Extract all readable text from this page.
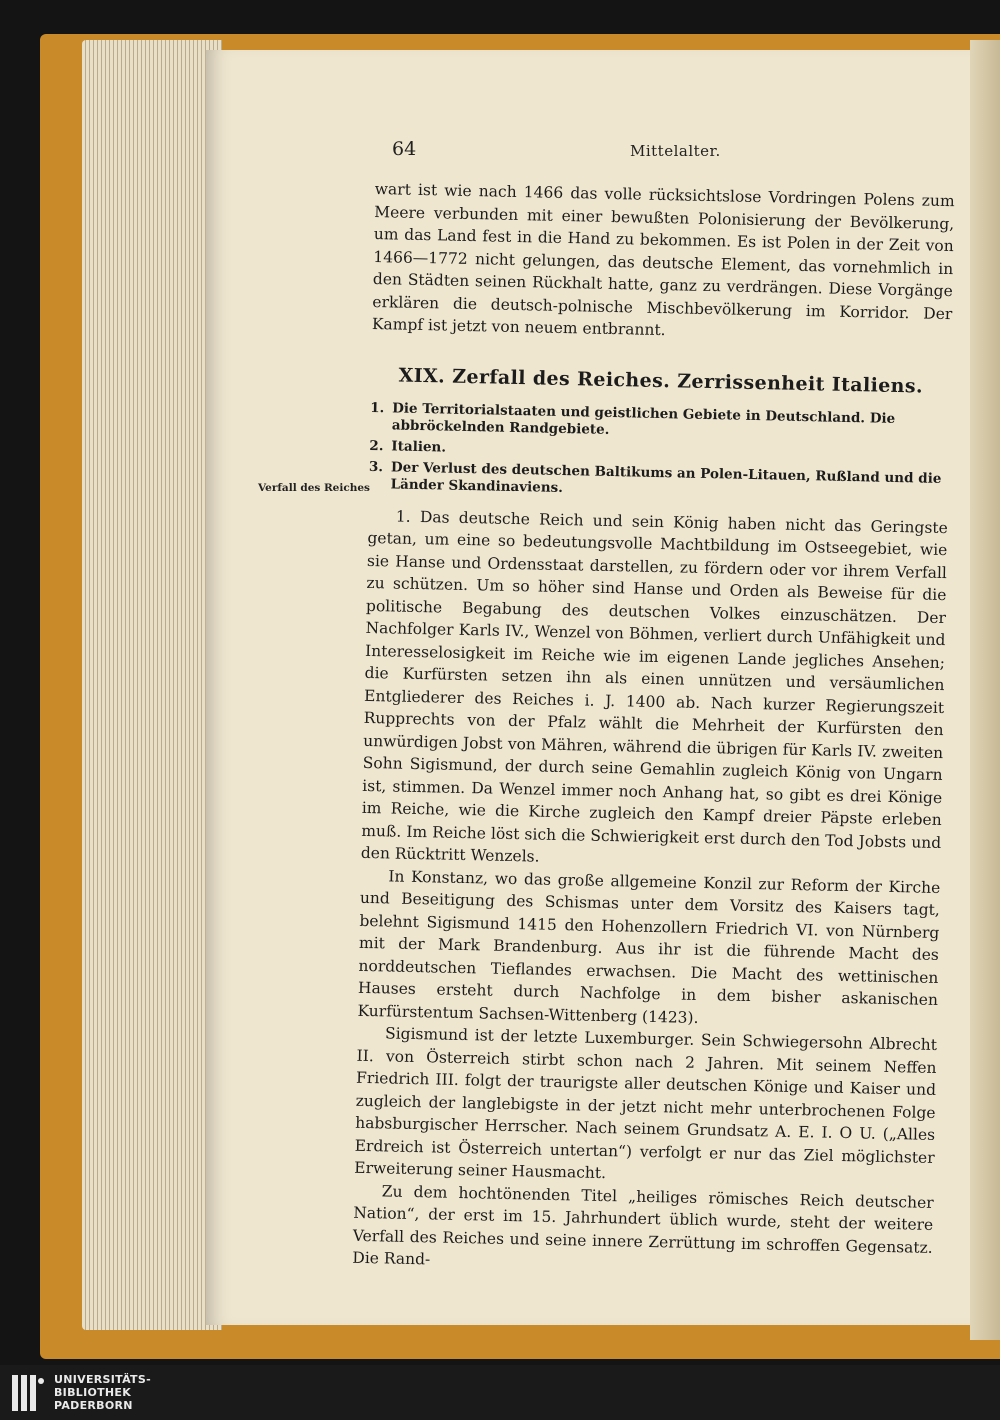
64	Mittelalter.
Verfall des Reiches

wart ist wie nach 1466 das volle rücksichtslose Vordringen Polens zum Meere verbunden mit einer bewußten Polonisierung der Bevölkerung, um das Land fest in die Hand zu bekommen. Es ist Polen in der Zeit von 1466—1772 nicht gelungen, das deutsche Element, das vornehmlich in den Städten seinen Rückhalt hatte, ganz zu verdrängen. Diese Vorgänge erklären die deutsch-polnische Mischbevölkerung im Korridor. Der Kampf ist jetzt von neuem entbrannt.

XIX. Zerfall des Reiches. Zerrissenheit Italiens.
1. Die Territorialstaaten und geistlichen Gebiete in Deutschland. Die abbröckelnden Randgebiete.
2. Italien.
3. Der Verlust des deutschen Baltikums an Polen-Litauen, Rußland und die Länder Skandinaviens.

1. Das deutsche Reich und sein König haben nicht das Geringste getan, um eine so bedeutungsvolle Machtbildung im Ostseegebiet, wie sie Hanse und Ordensstaat darstellen, zu fördern oder vor ihrem Verfall zu schützen. Um so höher sind Hanse und Orden als Beweise für die politische Begabung des deutschen Volkes einzuschätzen. Der Nachfolger Karls IV., Wenzel von Böhmen, verliert durch Unfähigkeit und Interesselosigkeit im Reiche wie im eigenen Lande jegliches Ansehen; die Kurfürsten setzen ihn als einen unnützen und versäumlichen Entgliederer des Reiches i. J. 1400 ab. Nach kurzer Regierungszeit Rupprechts von der Pfalz wählt die Mehrheit der Kurfürsten den unwürdigen Jobst von Mähren, während die übrigen für Karls IV. zweiten Sohn Sigismund, der durch seine Gemahlin zugleich König von Ungarn ist, stimmen. Da Wenzel immer noch Anhang hat, so gibt es drei Könige im Reiche, wie die Kirche zugleich den Kampf dreier Päpste erleben muß. Im Reiche löst sich die Schwierigkeit erst durch den Tod Jobsts und den Rücktritt Wenzels.

In Konstanz, wo das große allgemeine Konzil zur Reform der Kirche und Beseitigung des Schismas unter dem Vorsitz des Kaisers tagt, belehnt Sigismund 1415 den Hohenzollern Friedrich VI. von Nürnberg mit der Mark Brandenburg. Aus ihr ist die führende Macht des norddeutschen Tieflandes erwachsen. Die Macht des wettinischen Hauses ersteht durch Nachfolge in dem bisher askanischen Kurfürstentum Sachsen-Wittenberg (1423).

Sigismund ist der letzte Luxemburger. Sein Schwiegersohn Albrecht II. von Österreich stirbt schon nach 2 Jahren. Mit seinem Neffen Friedrich III. folgt der traurigste aller deutschen Könige und Kaiser und zugleich der langlebigste in der jetzt nicht mehr unterbrochenen Folge habsburgischer Herrscher. Nach seinem Grundsatz A. E. I. O U. („Alles Erdreich ist Österreich untertan“) verfolgt er nur das Ziel möglichster Erweiterung seiner Hausmacht.

Zu dem hochtönenden Titel „heiliges römisches Reich deutscher Nation“, der erst im 15. Jahrhundert üblich wurde, steht der weitere Verfall des Reiches und seine innere Zerrüttung im schroffen Gegensatz. Die Rand-

UNIVERSITÄTS-
BIBLIOTHEK
PADERBORN
